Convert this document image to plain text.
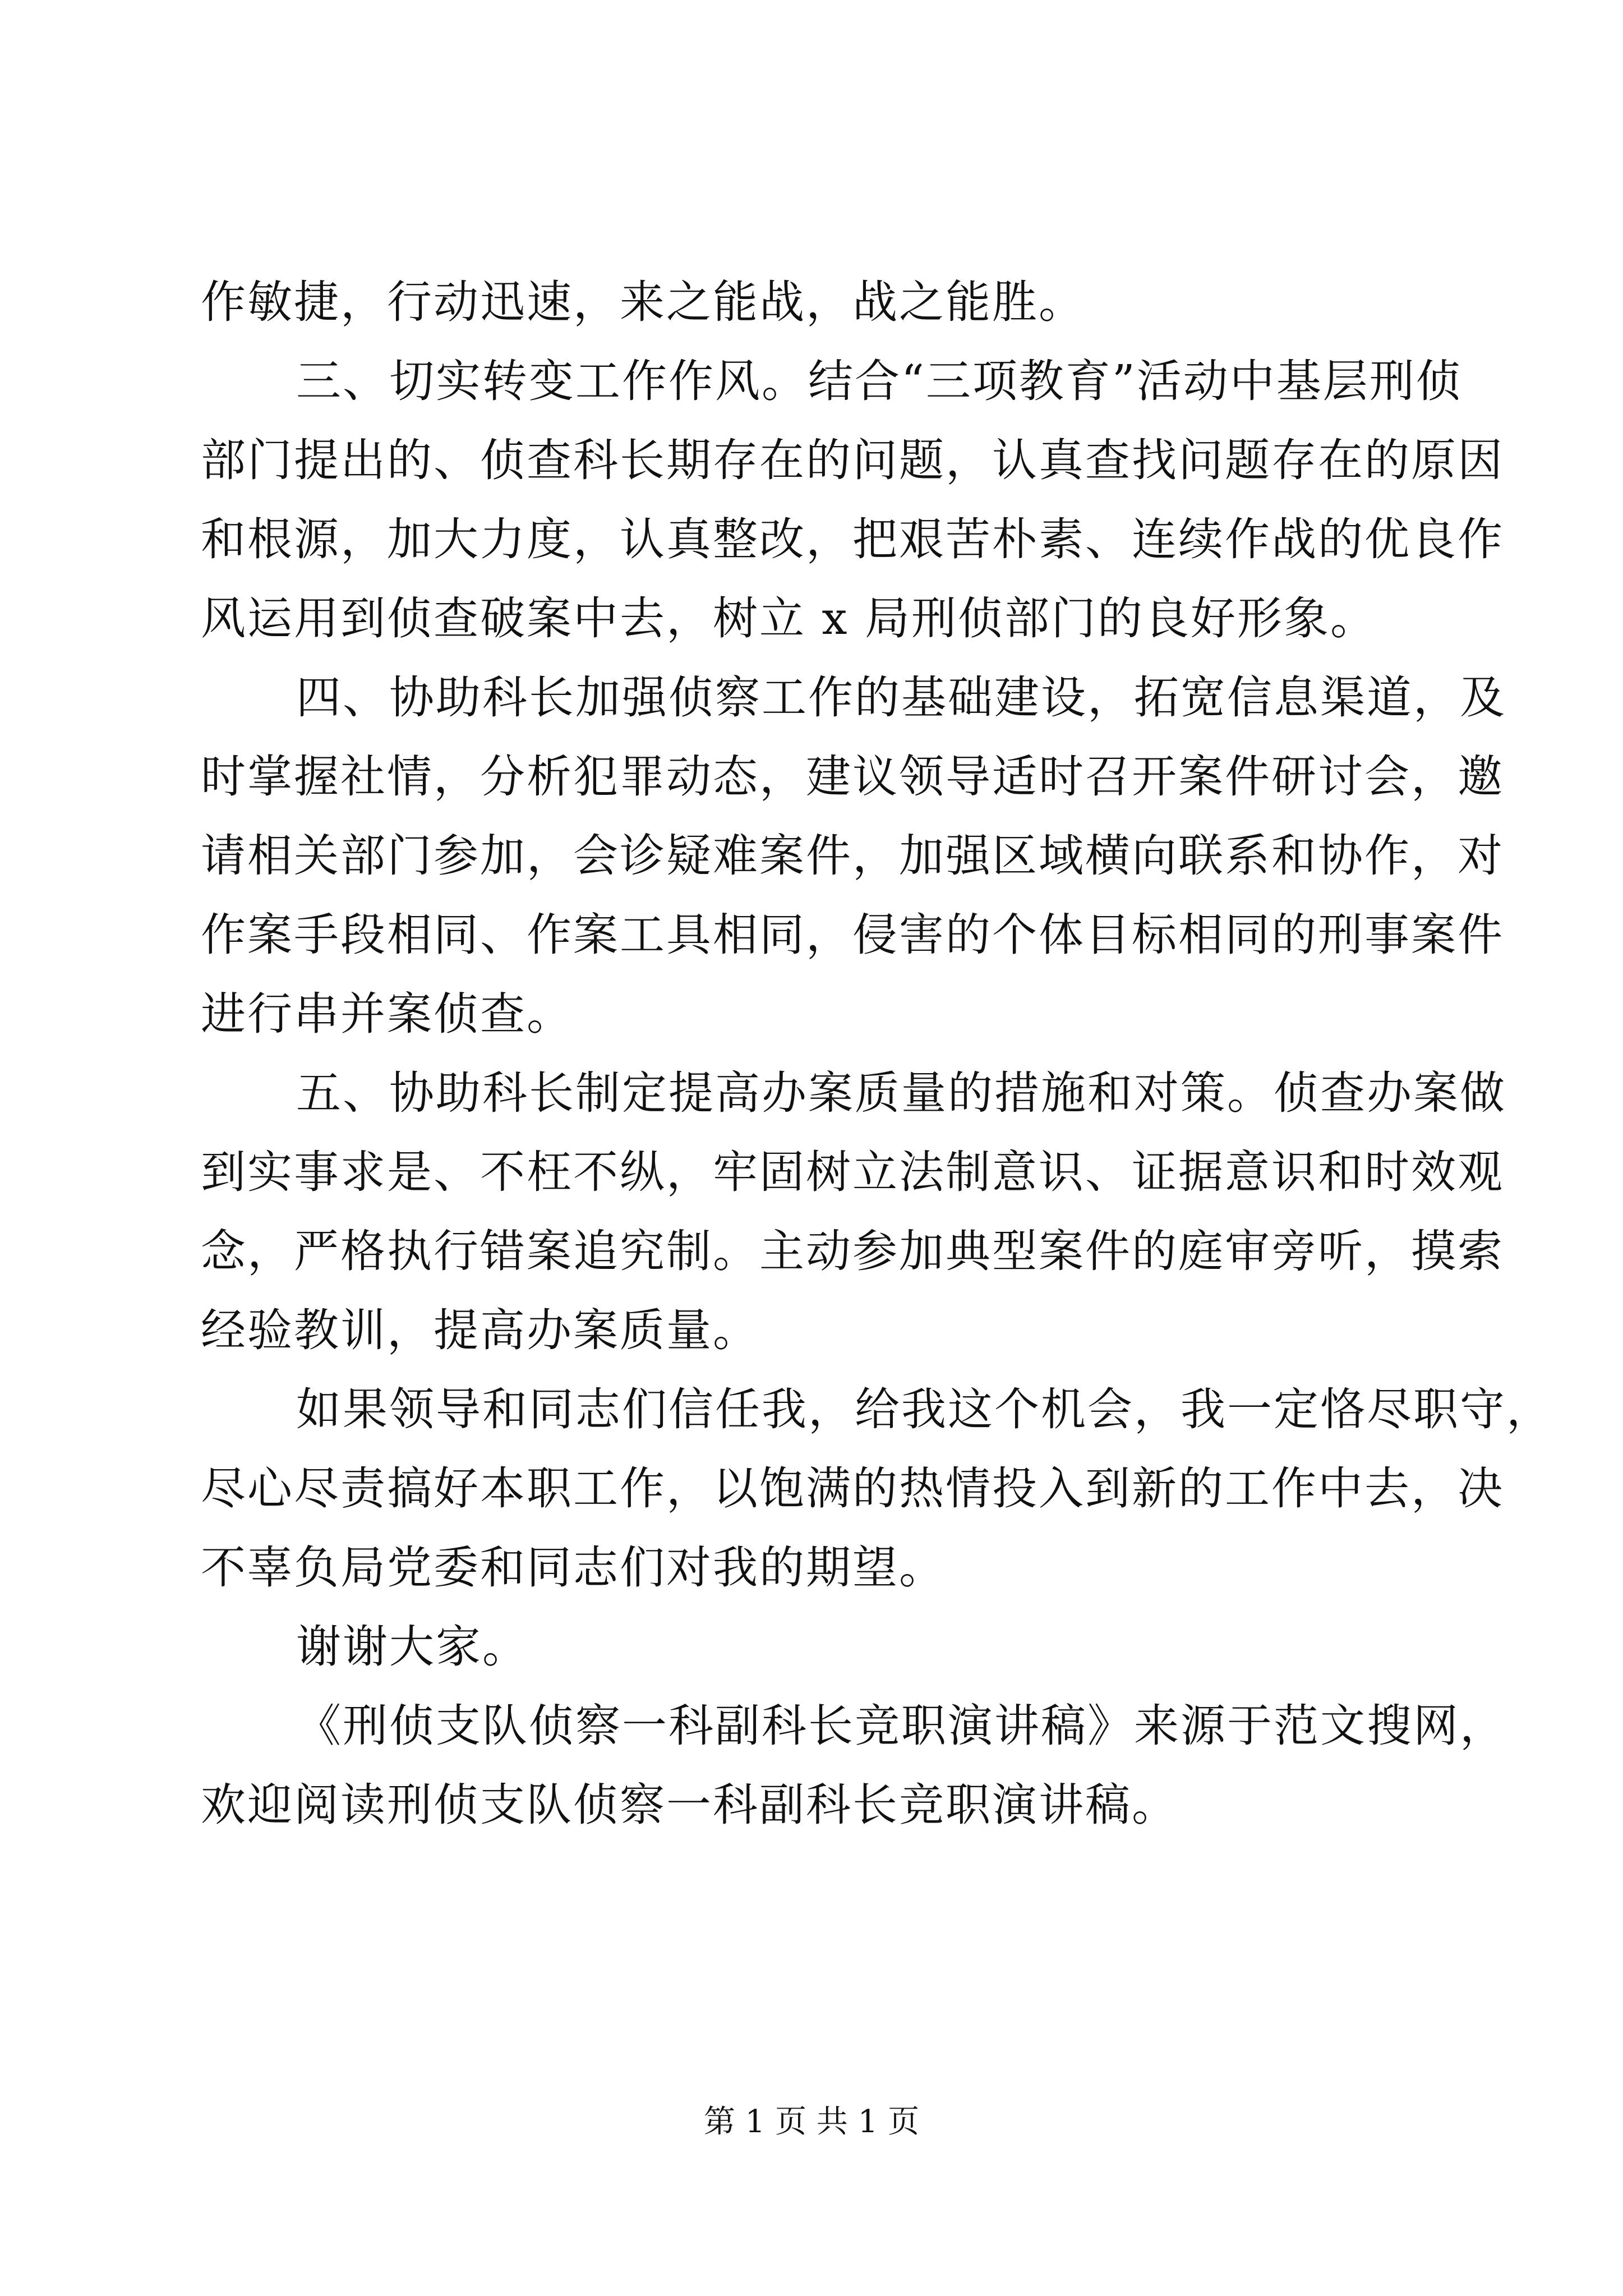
作敏捷，行动迅速，来之能战，战之能胜。
三、切实转变工作作风。结合“三项教育”活动中基层刑侦
部门提出的、侦查科长期存在的问题，认真查找问题存在的原因
和根源，加大力度，认真整改，把艰苦朴素、连续作战的优良作
风运用到侦查破案中去，树立 x 局刑侦部门的良好形象。
四、协助科长加强侦察工作的基础建设，拓宽信息渠道，及
时掌握社情，分析犯罪动态，建议领导适时召开案件研讨会，邀
请相关部门参加，会诊疑难案件，加强区域横向联系和协作，对
作案手段相同、作案工具相同，侵害的个体目标相同的刑事案件
进行串并案侦查。
五、协助科长制定提高办案质量的措施和对策。侦查办案做
到实事求是、不枉不纵，牢固树立法制意识、证据意识和时效观
念，严格执行错案追究制。主动参加典型案件的庭审旁听，摸索
经验教训，提高办案质量。
如果领导和同志们信任我，给我这个机会，我一定恪尽职守，
尽心尽责搞好本职工作，以饱满的热情投入到新的工作中去，决
不辜负局党委和同志们对我的期望。
谢谢大家。
《刑侦支队侦察一科副科长竞职演讲稿》来源于范文搜网，
欢迎阅读刑侦支队侦察一科副科长竞职演讲稿。
第 1 页 共 1 页
